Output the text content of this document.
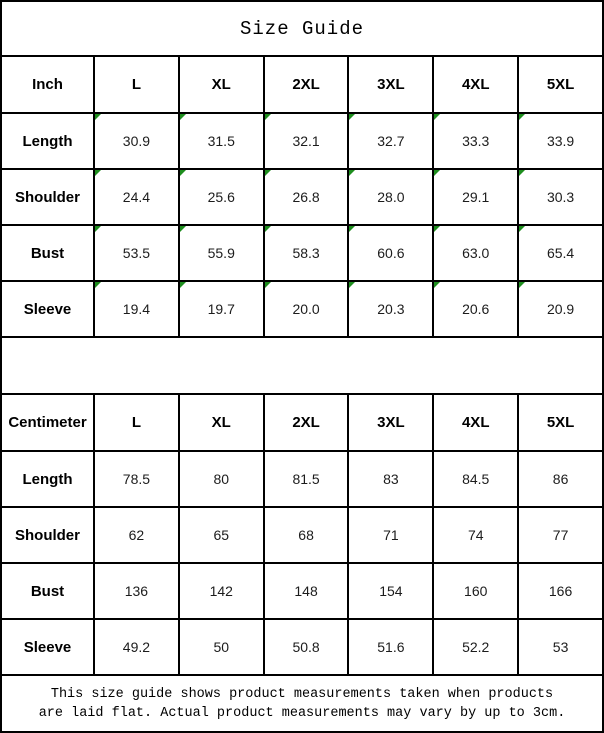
Size Guide
Inch	L	XL	2XL	3XL	4XL	5XL
Length	30.9	31.5	32.1	32.7	33.3	33.9
Shoulder	24.4	25.6	26.8	28.0	29.1	30.3
Bust	53.5	55.9	58.3	60.6	63.0	65.4
Sleeve	19.4	19.7	20.0	20.3	20.6	20.9
Centimeter	L	XL	2XL	3XL	4XL	5XL
Length	78.5	80	81.5	83	84.5	86
Shoulder	62	65	68	71	74	77
Bust	136	142	148	154	160	166
Sleeve	49.2	50	50.8	51.6	52.2	53
This size guide shows product measurements taken when products
are laid flat. Actual product measurements may vary by up to 3cm.
